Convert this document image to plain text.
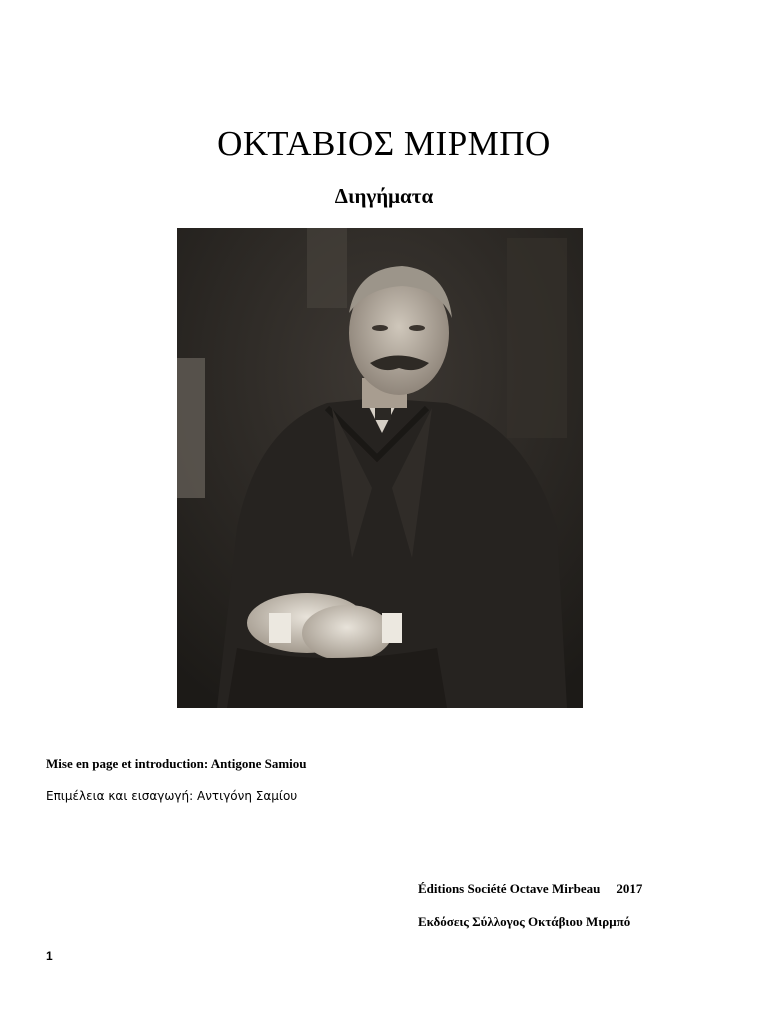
ΟΚΤΑΒΙΟΣ ΜΙΡΜΠΟ
Διηγήματα
Mise en page et introduction: Antigone Samiou
Επιμέλεια και εισαγωγή: Αντιγόνη Σαμίου
Éditions Société Octave Mirbeau 2017
Εκδόσεις Σύλλογος Οκτάβιου Μιρμπό
1
